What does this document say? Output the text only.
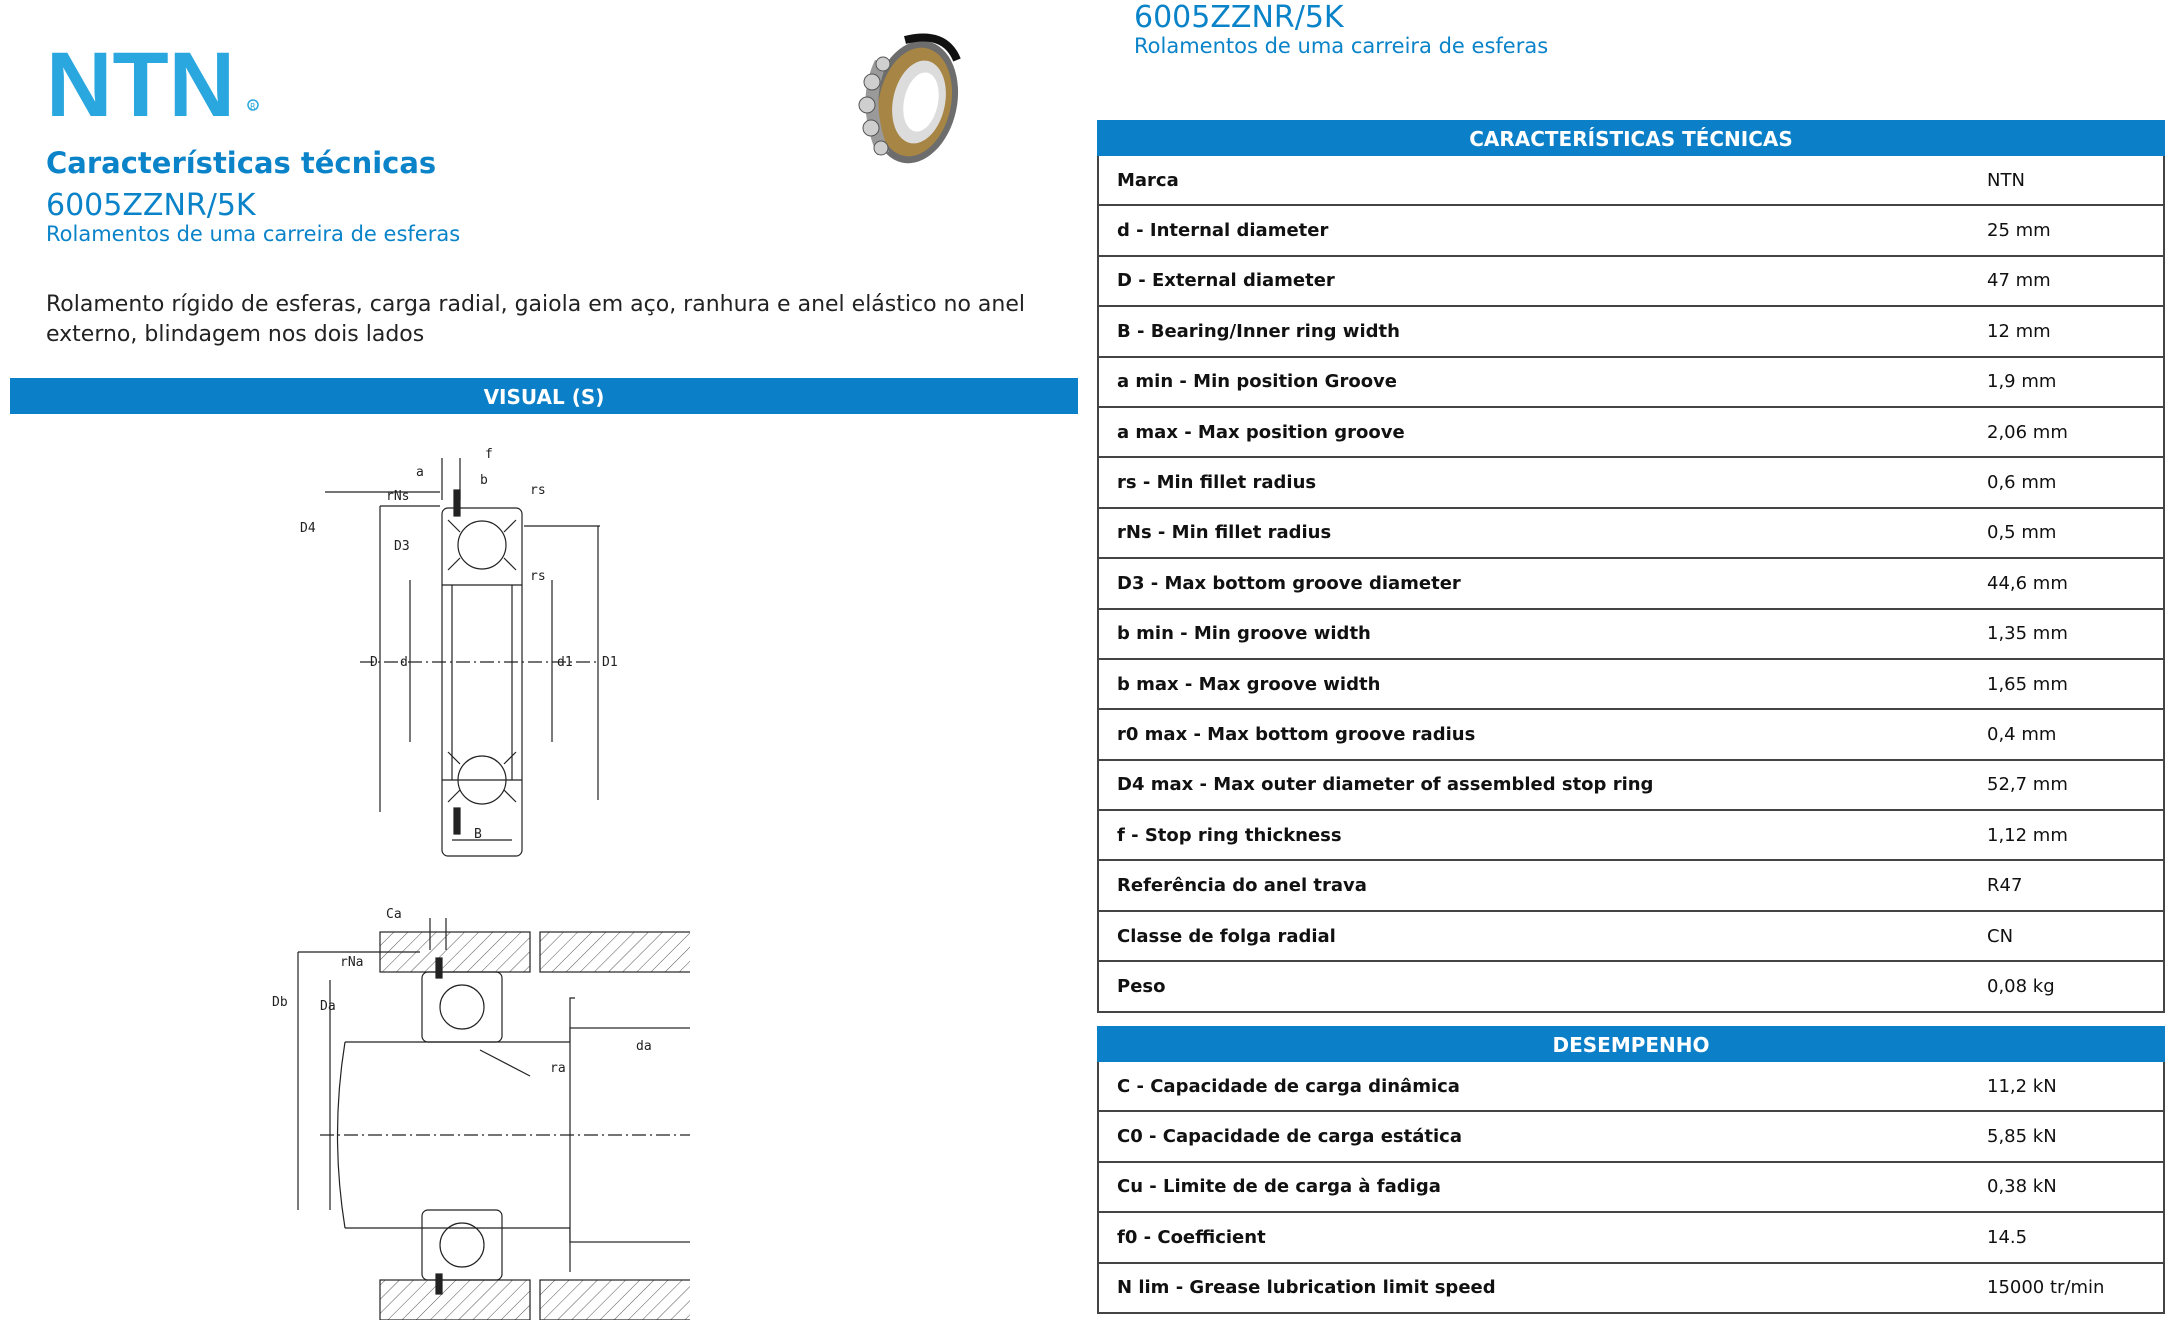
NTN R
Características técnicas
6005ZZNR/5K
Rolamentos de uma carreira de esferas
Rolamento rígido de esferas, carga radial, gaiola em aço, ranhura e anel elástico no anel externo, blindagem nos dois lados
VISUAL (S)
f
a
b
rNs	rs
D4
D3
rs
D d	d1 D1
B
Ca
rNa
Db Da
da
ra
6005ZZNR/5K
Rolamentos de uma carreira de esferas
CARACTERÍSTICAS TÉCNICAS
Marca	NTN
d - Internal diameter	25 mm
D - External diameter	47 mm
B - Bearing/Inner ring width	12 mm
a min - Min position Groove	1,9 mm
a max - Max position groove	2,06 mm
rs - Min fillet radius	0,6 mm
rNs - Min fillet radius	0,5 mm
D3 - Max bottom groove diameter	44,6 mm
b min - Min groove width	1,35 mm
b max - Max groove width	1,65 mm
r0 max - Max bottom groove radius	0,4 mm
D4 max - Max outer diameter of assembled stop ring	52,7 mm
f - Stop ring thickness	1,12 mm
Referência do anel trava	R47
Classe de folga radial	CN
Peso	0,08 kg
DESEMPENHO
C - Capacidade de carga dinâmica	11,2 kN
C0 - Capacidade de carga estática	5,85 kN
Cu - Limite de de carga à fadiga	0,38 kN
f0 - Coefficient	14.5
N lim - Grease lubrication limit speed	15000 tr/min
